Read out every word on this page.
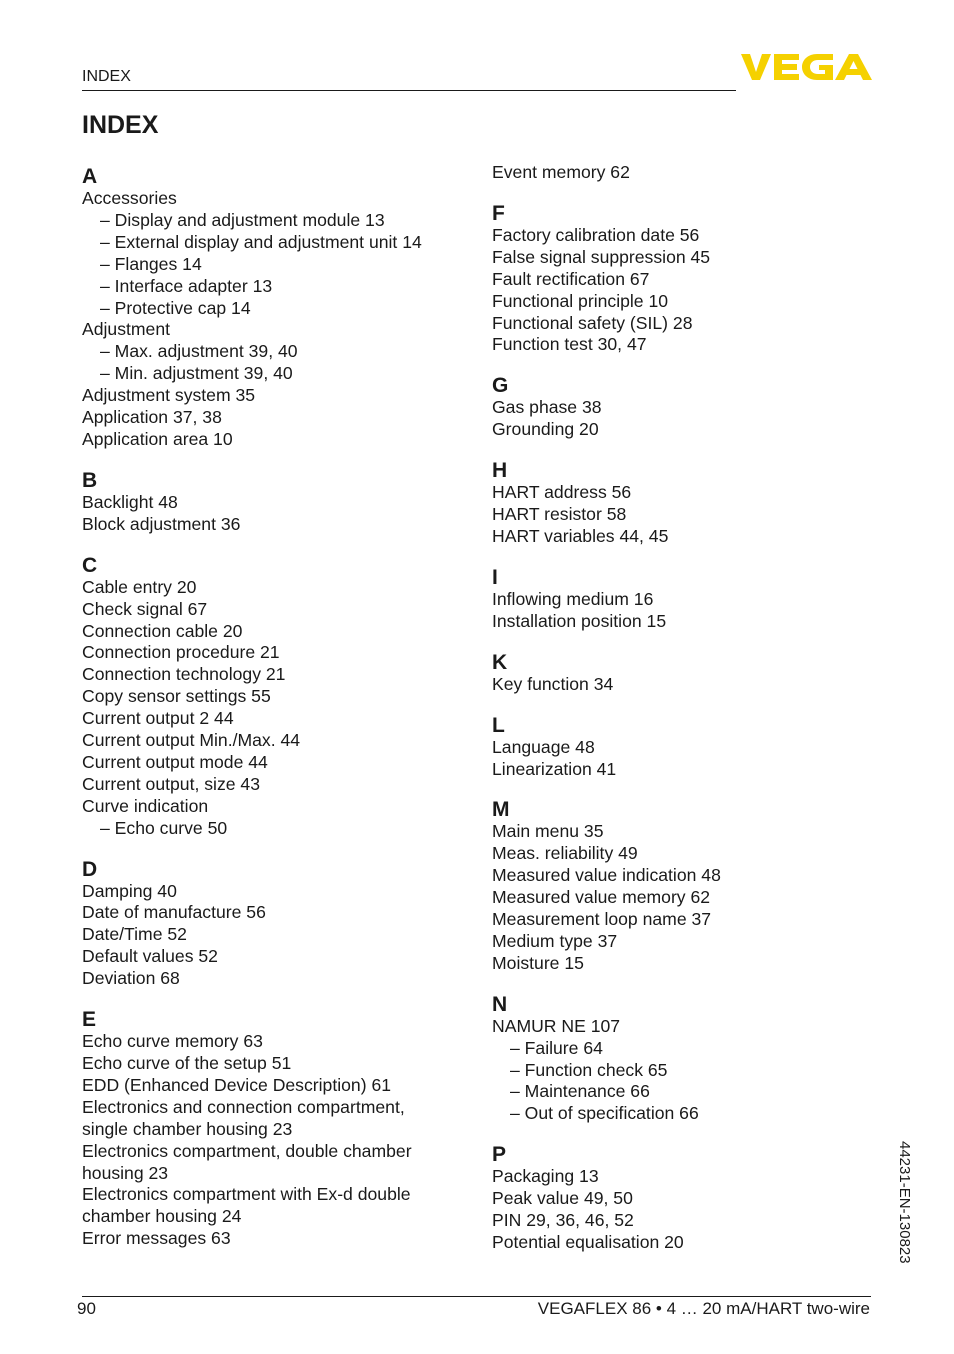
INDEX
INDEX
A
Accessories
– Display and adjustment module 13
– External display and adjustment unit 14
– Flanges 14
– Interface adapter 13
– Protective cap 14
Adjustment
– Max. adjustment 39, 40
– Min. adjustment 39, 40
Adjustment system 35
Application 37, 38
Application area 10
B
Backlight 48
Block adjustment 36
C
Cable entry 20
Check signal 67
Connection cable 20
Connection procedure 21
Connection technology 21
Copy sensor settings 55
Current output 2 44
Current output Min./Max. 44
Current output mode 44
Current output, size 43
Curve indication
– Echo curve 50
D
Damping 40
Date of manufacture 56
Date/Time 52
Default values 52
Deviation 68
E
Echo curve memory 63
Echo curve of the setup 51
EDD (Enhanced Device Description) 61
Electronics and connection compartment,
single chamber housing 23
Electronics compartment, double chamber
housing 23
Electronics compartment with Ex-d double
chamber housing 24
Error messages 63
Event memory 62
F
Factory calibration date 56
False signal suppression 45
Fault rectification 67
Functional principle 10
Functional safety (SIL) 28
Function test 30, 47
G
Gas phase 38
Grounding 20
H
HART address 56
HART resistor 58
HART variables 44, 45
I
Inflowing medium 16
Installation position 15
K
Key function 34
L
Language 48
Linearization 41
M
Main menu 35
Meas. reliability 49
Measured value indication 48
Measured value memory 62
Measurement loop name 37
Medium type 37
Moisture 15
N
NAMUR NE 107
– Failure 64
– Function check 65
– Maintenance 66
– Out of specification 66
P
Packaging 13
Peak value 49, 50
PIN 29, 36, 46, 52
Potential equalisation 20	44231-EN-130823
90	VEGAFLEX 86 • 4 … 20 mA/HART two-wire
